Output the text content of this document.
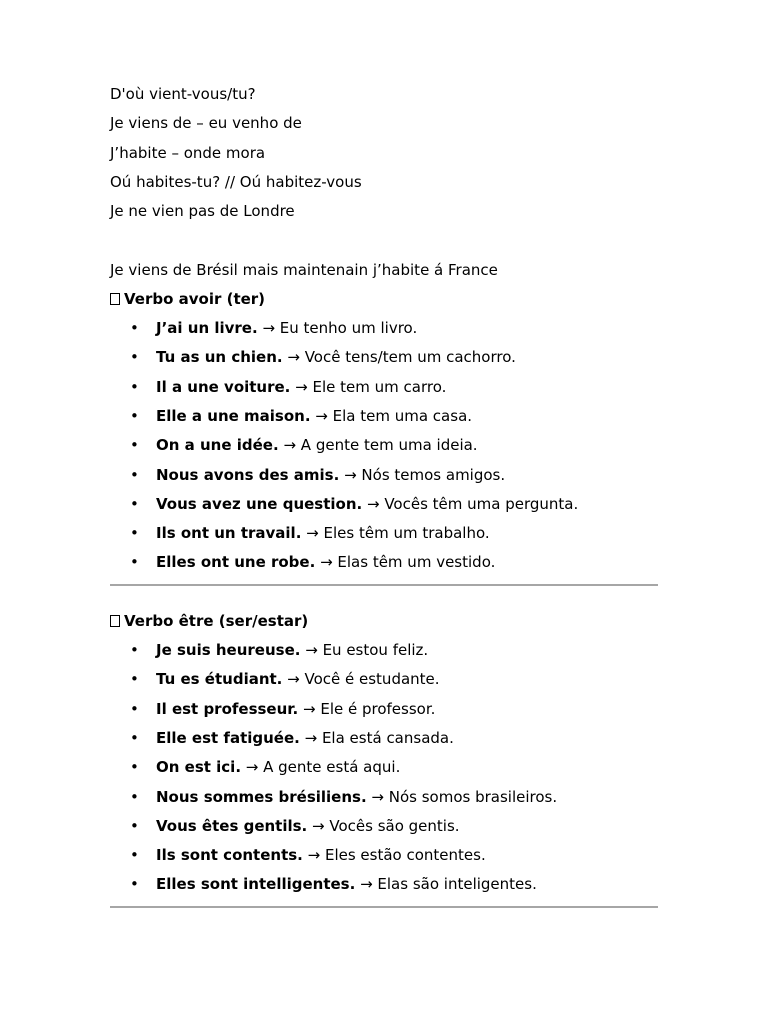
D'où vient-vous/tu?
Je viens de – eu venho de
J’habite – onde mora
Oú habites-tu? // Oú habitez-vous
Je ne vien pas de Londre
Je viens de Brésil mais maintenain j’habite á France
Verbo avoir (ter)
• J’ai un livre. → Eu tenho um livro.
• Tu as un chien. → Você tens/tem um cachorro.
• Il a une voiture. → Ele tem um carro.
• Elle a une maison. → Ela tem uma casa.
• On a une idée. → A gente tem uma ideia.
• Nous avons des amis. → Nós temos amigos.
• Vous avez une question. → Vocês têm uma pergunta.
• Ils ont un travail. → Eles têm um trabalho.
• Elles ont une robe. → Elas têm um vestido.
Verbo être (ser/estar)
• Je suis heureuse. → Eu estou feliz.
• Tu es étudiant. → Você é estudante.
• Il est professeur. → Ele é professor.
• Elle est fatiguée. → Ela está cansada.
• On est ici. → A gente está aqui.
• Nous sommes brésiliens. → Nós somos brasileiros.
• Vous êtes gentils. → Vocês são gentis.
• Ils sont contents. → Eles estão contentes.
• Elles sont intelligentes. → Elas são inteligentes.
